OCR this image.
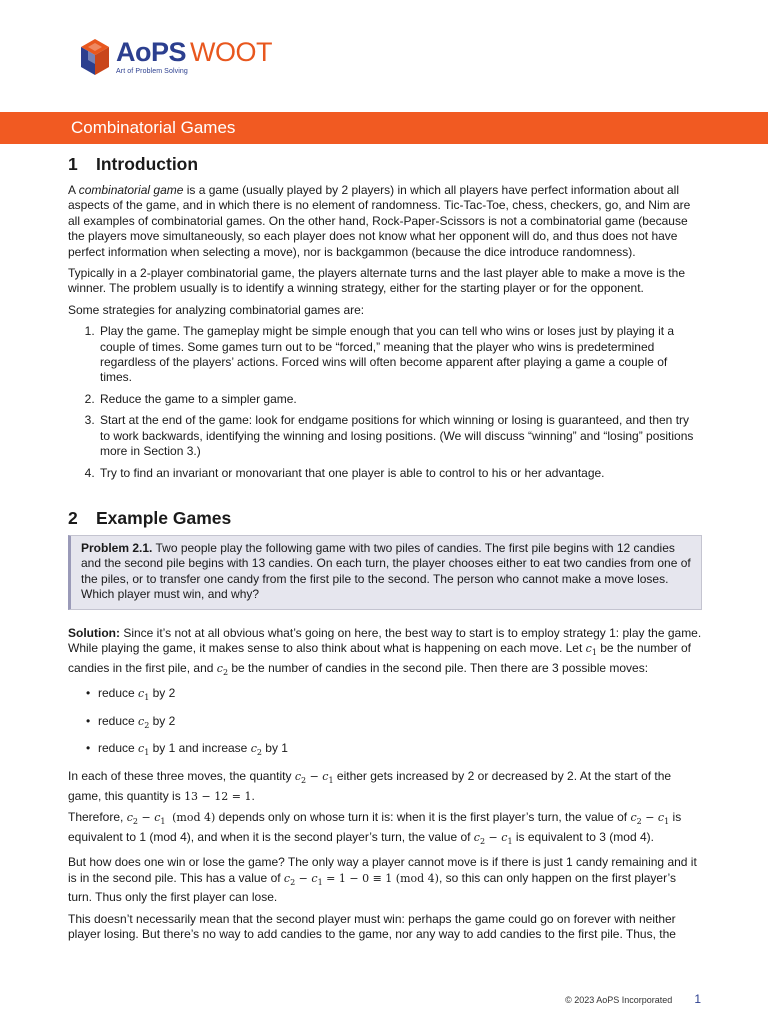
AoPS WOOT
Art of Problem Solving
Combinatorial Games
1 Introduction

A combinatorial game is a game (usually played by 2 players) in which all players have perfect information about all aspects of the game, and in which there is no element of randomness. Tic-Tac-Toe, chess, checkers, go, and Nim are all examples of combinatorial games. On the other hand, Rock-Paper-Scissors is not a combinatorial game (because the players move simultaneously, so each player does not know what her opponent will do, and thus does not have perfect information when selecting a move), nor is backgammon (because the dice introduce randomness).

Typically in a 2-player combinatorial game, the players alternate turns and the last player able to make a move is the winner. The problem usually is to identify a winning strategy, either for the starting player or for the opponent.

Some strategies for analyzing combinatorial games are:

1. Play the game. The gameplay might be simple enough that you can tell who wins or loses just by playing it a couple of times. Some games turn out to be “forced,” meaning that the player who wins is predetermined regardless of the players’ actions. Forced wins will often become apparent after playing a game a couple of times.
2. Reduce the game to a simpler game.
3. Start at the end of the game: look for endgame positions for which winning or losing is guaranteed, and then try to work backwards, identifying the winning and losing positions. (We will discuss “winning” and “losing” positions more in Section 3.)
4. Try to find an invariant or monovariant that one player is able to control to his or her advantage.
2 Example Games
Problem 2.1. Two people play the following game with two piles of candies. The first pile begins with 12 candies and the second pile begins with 13 candies. On each turn, the player chooses either to eat two candies from one of the piles, or to transfer one candy from the first pile to the second. The person who cannot make a move loses. Which player must win, and why?

Solution: Since it’s not at all obvious what’s going on here, the best way to start is to employ strategy 1: play the game. While playing the game, it makes sense to also think about what is happening on each move. Let $c_1$ be the number of candies in the first pile, and $c_2$ be the number of candies in the second pile. Then there are 3 possible moves:

• reduce $c_1$ by 2
• reduce $c_2$ by 2
• reduce $c_1$ by 1 and increase $c_2$ by 1

In each of these three moves, the quantity $c_2 - c_1$ either gets increased by 2 or decreased by 2. At the start of the game, this quantity is 13 − 12 = 1.

Therefore, $c_2 - c_1$ (mod 4) depends only on whose turn it is: when it is the first player’s turn, the value of $c_2 - c_1$ is equivalent to 1 (mod 4), and when it is the second player’s turn, the value of $c_2 - c_1$ is equivalent to 3 (mod 4).

But how does one win or lose the game? The only way a player cannot move is if there is just 1 candy remaining and it is in the second pile. This has a value of $c_2 - c_1 = 1 - 0 \equiv 1$ (mod 4), so this can only happen on the first player’s turn. Thus only the first player can lose.

This doesn’t necessarily mean that the second player must win: perhaps the game could go on forever with neither player losing. But there’s no way to add candies to the game, nor any way to add candies to the first pile. Thus, the

© 2023 AoPS Incorporated 1
